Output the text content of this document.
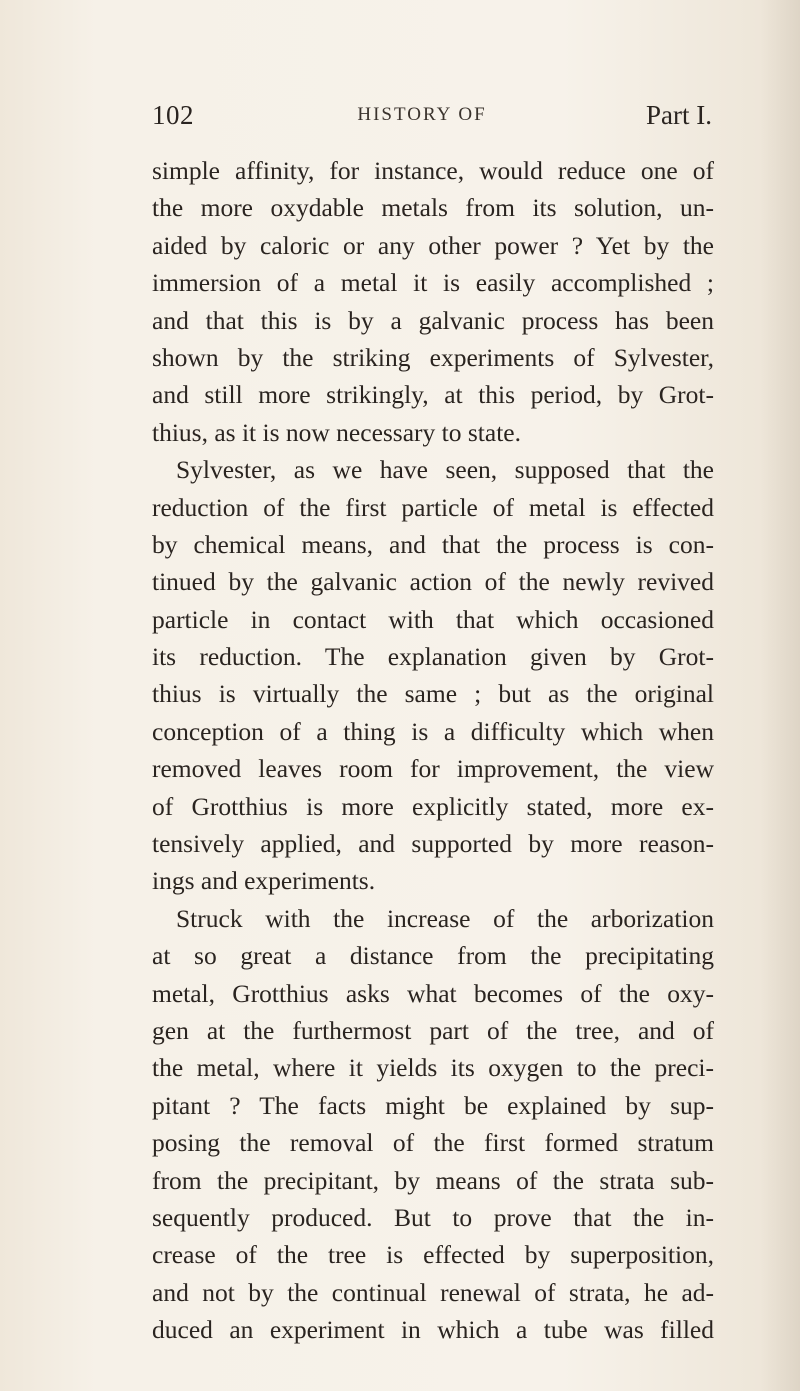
102	HISTORY OF	Part I.
simple affinity, for instance, would reduce one of
the more oxydable metals from its solution, un-
aided by caloric or any other power ? Yet by the
immersion of a metal it is easily accomplished ;
and that this is by a galvanic process has been
shown by the striking experiments of Sylvester,
and still more strikingly, at this period, by Grot-
thius, as it is now necessary to state.
Sylvester, as we have seen, supposed that the
reduction of the first particle of metal is effected
by chemical means, and that the process is con-
tinued by the galvanic action of the newly revived
particle in contact with that which occasioned
its reduction. The explanation given by Grot-
thius is virtually the same ; but as the original
conception of a thing is a difficulty which when
removed leaves room for improvement, the view
of Grotthius is more explicitly stated, more ex-
tensively applied, and supported by more reason-
ings and experiments.
Struck with the increase of the arborization
at so great a distance from the precipitating
metal, Grotthius asks what becomes of the oxy-
gen at the furthermost part of the tree, and of
the metal, where it yields its oxygen to the preci-
pitant ? The facts might be explained by sup-
posing the removal of the first formed stratum
from the precipitant, by means of the strata sub-
sequently produced. But to prove that the in-
crease of the tree is effected by superposition,
and not by the continual renewal of strata, he ad-
duced an experiment in which a tube was filled
